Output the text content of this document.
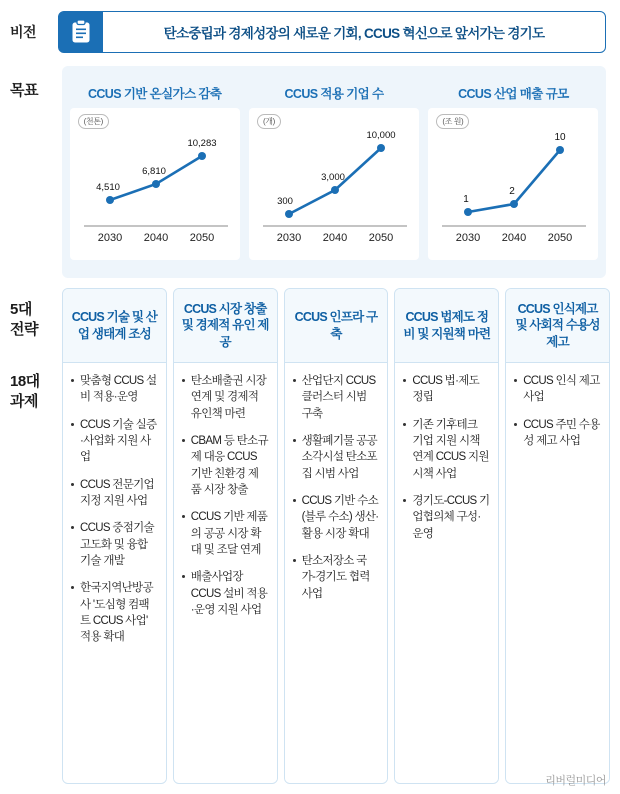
비전	탄소중립과 경제성장의 새로운 기회, CCUS 혁신으로 앞서가는 경기도
목표	CCUS 기반 온실가스 감축
(천톤)
2030 2040 2050
4,510
6,810
10,283
CCUS 적용 기업 수
(개)
2030 2040 2050
300
3,000
10,000
CCUS 산업 매출 규모
(조 원)
2030 2040 2050
1
2
10
5대
전략
18대
과제
CCUS 기술 및 산업 생태계 조성
맞춤형 CCUS 설비 적용·운영
CCUS 기술 실증·사업화 지원 사업
CCUS 전문기업 지정 지원 사업
CCUS 중점기술 고도화 및 융합기술 개발
한국지역난방공사 '도심형 컴팩트 CCUS 사업' 적용 확대
CCUS 시장 창출 및 경제적 유인 제공
탄소배출권 시장 연계 및 경제적 유인책 마련
CBAM 등 탄소규제 대응 CCUS 기반 친환경 제품 시장 창출
CCUS 기반 제품의 공공 시장 확대 및 조달 연계
배출사업장 CCUS 설비 적용·운영 지원 사업
CCUS 인프라 구축
산업단지 CCUS 클러스터 시범 구축
생활폐기물 공공소각시설 탄소포집 시범 사업
CCUS 기반 수소(블루 수소) 생산·활용 시장 확대
탄소저장소 국가-경기도 협력 사업
CCUS 법제도 정비 및 지원책 마련
CCUS 법·제도 정립
기존 기후테크 기업 지원 시책 연계 CCUS 지원 시책 사업
경기도-CCUS 기업협의체 구성·운영
CCUS 인식제고 및 사회적 수용성 제고
CCUS 인식 제고 사업
CCUS 주민 수용성 제고 사업
리버럴미디어
